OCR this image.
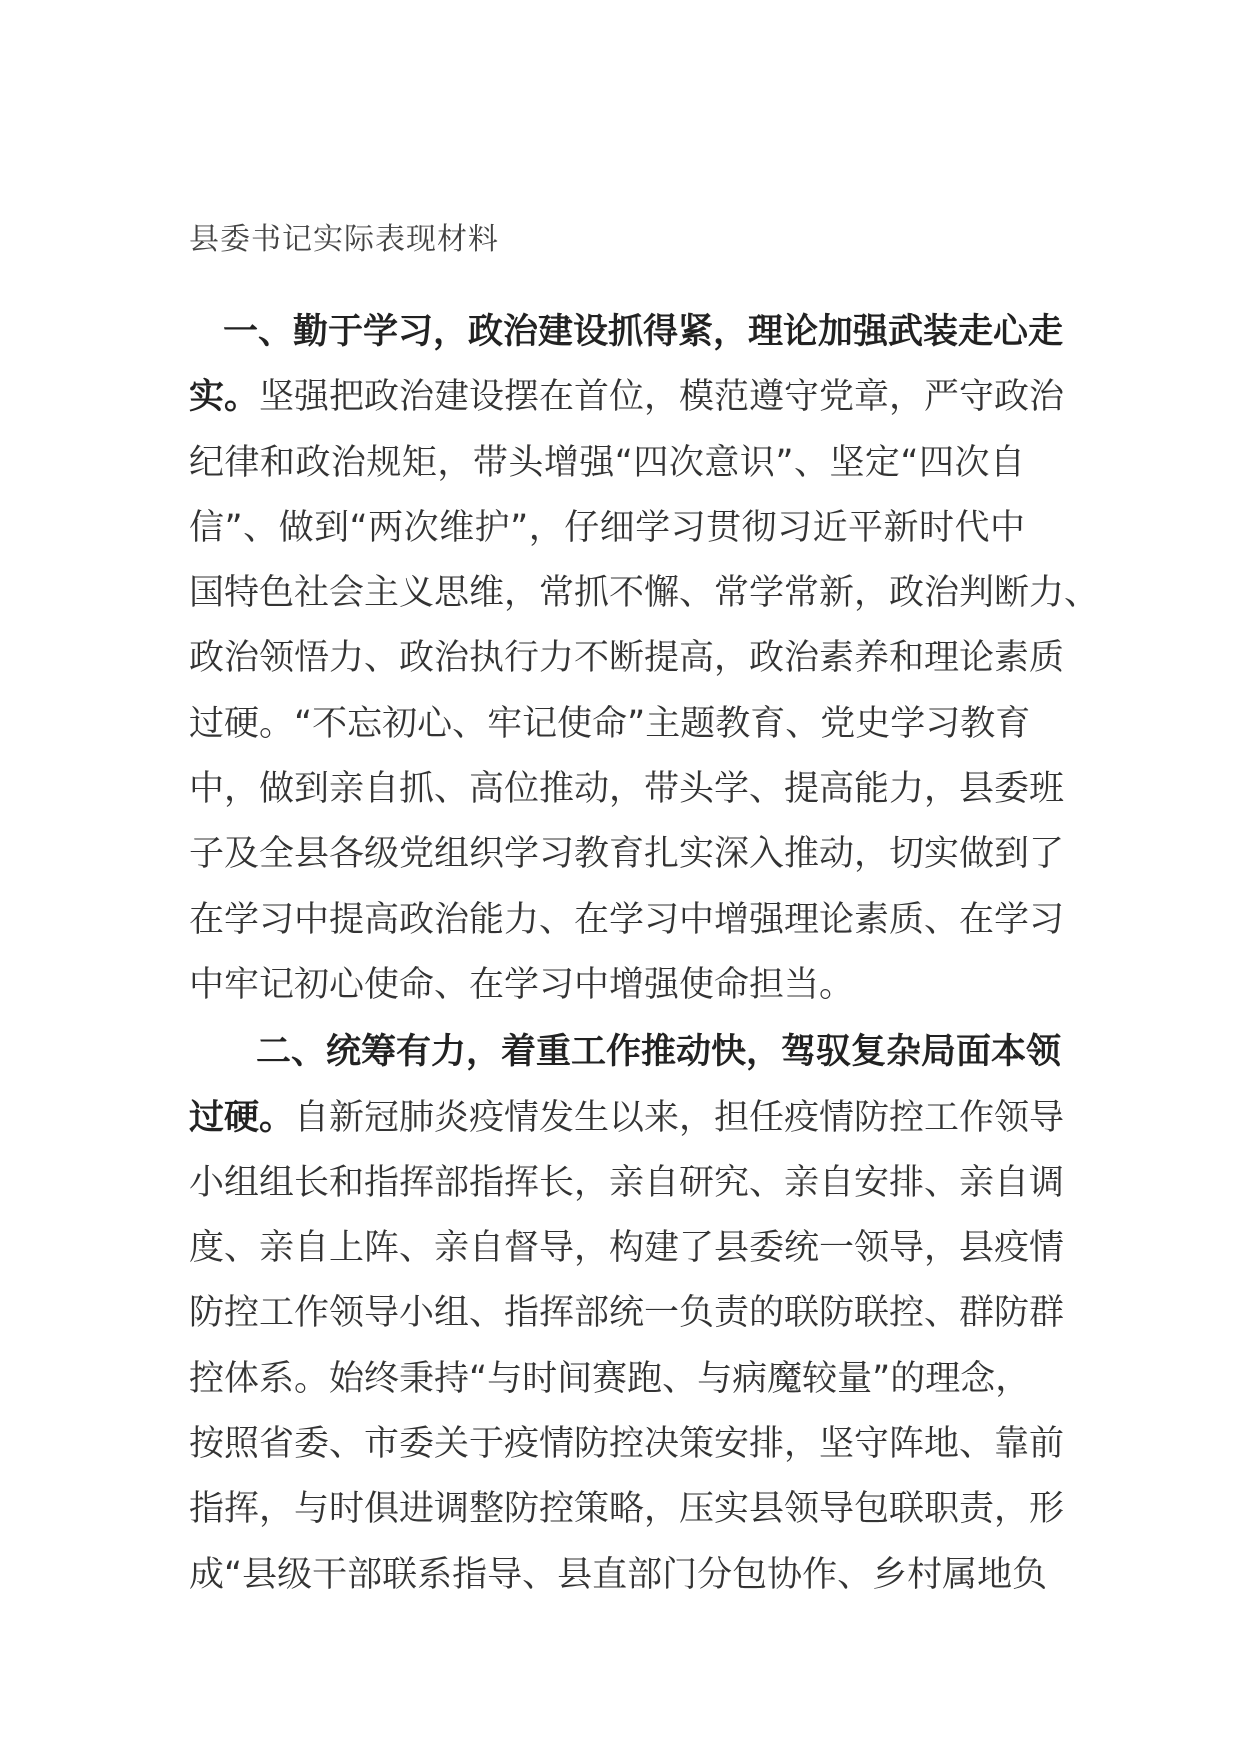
县委书记实际表现材料
一、勤于学习，政治建设抓得紧，理论加强武装走心走
实。坚强把政治建设摆在首位，模范遵守党章，严守政治
纪律和政治规矩，带头增强“四次意识”、坚定“四次自
信”、做到“两次维护”，仔细学习贯彻习近平新时代中
国特色社会主义思维，常抓不懈、常学常新，政治判断力、
政治领悟力、政治执行力不断提高，政治素养和理论素质
过硬。“不忘初心、牢记使命”主题教育、党史学习教育
中，做到亲自抓、高位推动，带头学、提高能力，县委班
子及全县各级党组织学习教育扎实深入推动，切实做到了
在学习中提高政治能力、在学习中增强理论素质、在学习
中牢记初心使命、在学习中增强使命担当。
二、统筹有力，着重工作推动快，驾驭复杂局面本领
过硬。自新冠肺炎疫情发生以来，担任疫情防控工作领导
小组组长和指挥部指挥长，亲自研究、亲自安排、亲自调
度、亲自上阵、亲自督导，构建了县委统一领导，县疫情
防控工作领导小组、指挥部统一负责的联防联控、群防群
控体系。始终秉持“与时间赛跑、与病魔较量”的理念，
按照省委、市委关于疫情防控决策安排，坚守阵地、靠前
指挥，与时俱进调整防控策略，压实县领导包联职责，形
成“县级干部联系指导、县直部门分包协作、乡村属地负
